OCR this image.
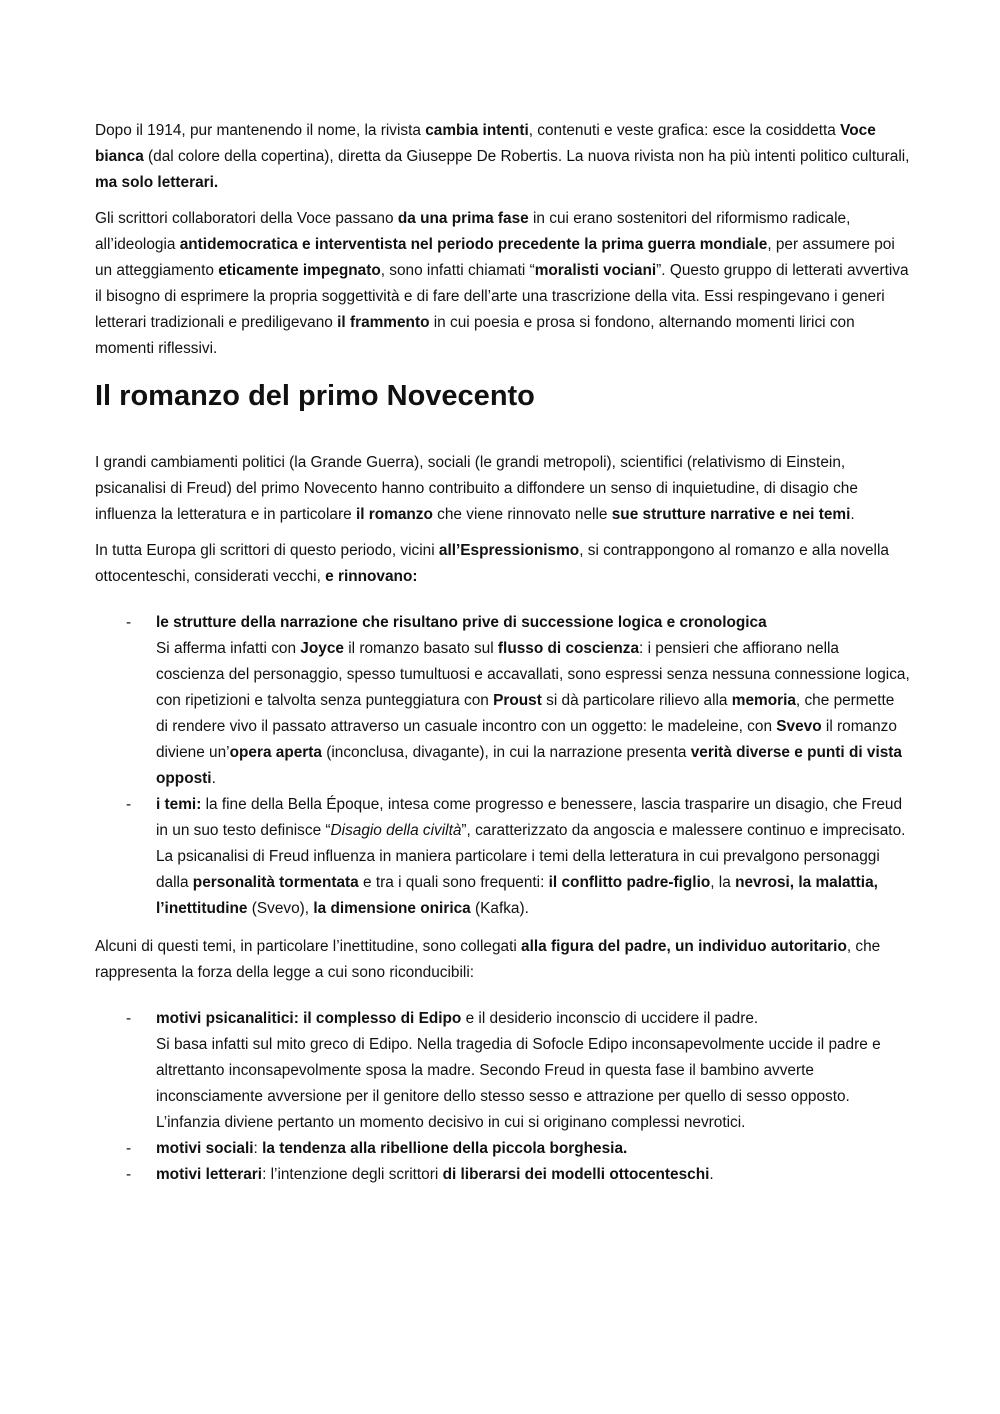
Dopo il 1914, pur mantenendo il nome, la rivista cambia intenti, contenuti e veste grafica: esce la cosiddetta Voce bianca (dal colore della copertina), diretta da Giuseppe De Robertis. La nuova rivista non ha più intenti politico culturali, ma solo letterari.

Gli scrittori collaboratori della Voce passano da una prima fase in cui erano sostenitori del riformismo radicale, all’ideologia antidemocratica e interventista nel periodo precedente la prima guerra mondiale, per assumere poi un atteggiamento eticamente impegnato, sono infatti chiamati “moralisti vociani”. Questo gruppo di letterati avvertiva il bisogno di esprimere la propria soggettività e di fare dell’arte una trascrizione della vita. Essi respingevano i generi letterari tradizionali e prediligevano il frammento in cui poesia e prosa si fondono, alternando momenti lirici con momenti riflessivi.

Il romanzo del primo Novecento

I grandi cambiamenti politici (la Grande Guerra), sociali (le grandi metropoli), scientifici (relativismo di Einstein, psicanalisi di Freud) del primo Novecento hanno contribuito a diffondere un senso di inquietudine, di disagio che influenza la letteratura e in particolare il romanzo che viene rinnovato nelle sue strutture narrative e nei temi.

In tutta Europa gli scrittori di questo periodo, vicini all’Espressionismo, si contrappongono al romanzo e alla novella ottocenteschi, considerati vecchi, e rinnovano:

- le strutture della narrazione che risultano prive di successione logica e cronologica
Si afferma infatti con Joyce il romanzo basato sul flusso di coscienza: i pensieri che affiorano nella coscienza del personaggio, spesso tumultuosi e accavallati, sono espressi senza nessuna connessione logica, con ripetizioni e talvolta senza punteggiatura con Proust si dà particolare rilievo alla memoria, che permette di rendere vivo il passato attraverso un casuale incontro con un oggetto: le madeleine, con Svevo il romanzo diviene un’opera aperta (inconclusa, divagante), in cui la narrazione presenta verità diverse e punti di vista opposti.
- i temi: la fine della Bella Époque, intesa come progresso e benessere, lascia trasparire un disagio, che Freud in un suo testo definisce “Disagio della civiltà”, caratterizzato da angoscia e malessere continuo e imprecisato.
La psicanalisi di Freud influenza in maniera particolare i temi della letteratura in cui prevalgono personaggi dalla personalità tormentata e tra i quali sono frequenti: il conflitto padre-figlio, la nevrosi, la malattia, l’inettitudine (Svevo), la dimensione onirica (Kafka).

Alcuni di questi temi, in particolare l’inettitudine, sono collegati alla figura del padre, un individuo autoritario, che rappresenta la forza della legge a cui sono riconducibili:

- motivi psicanalitici: il complesso di Edipo e il desiderio inconscio di uccidere il padre.
Si basa infatti sul mito greco di Edipo. Nella tragedia di Sofocle Edipo inconsapevolmente uccide il padre e altrettanto inconsapevolmente sposa la madre. Secondo Freud in questa fase il bambino avverte inconsciamente avversione per il genitore dello stesso sesso e attrazione per quello di sesso opposto. L’infanzia diviene pertanto un momento decisivo in cui si originano complessi nevrotici.
- motivi sociali: la tendenza alla ribellione della piccola borghesia.
- motivi letterari: l’intenzione degli scrittori di liberarsi dei modelli ottocenteschi.
